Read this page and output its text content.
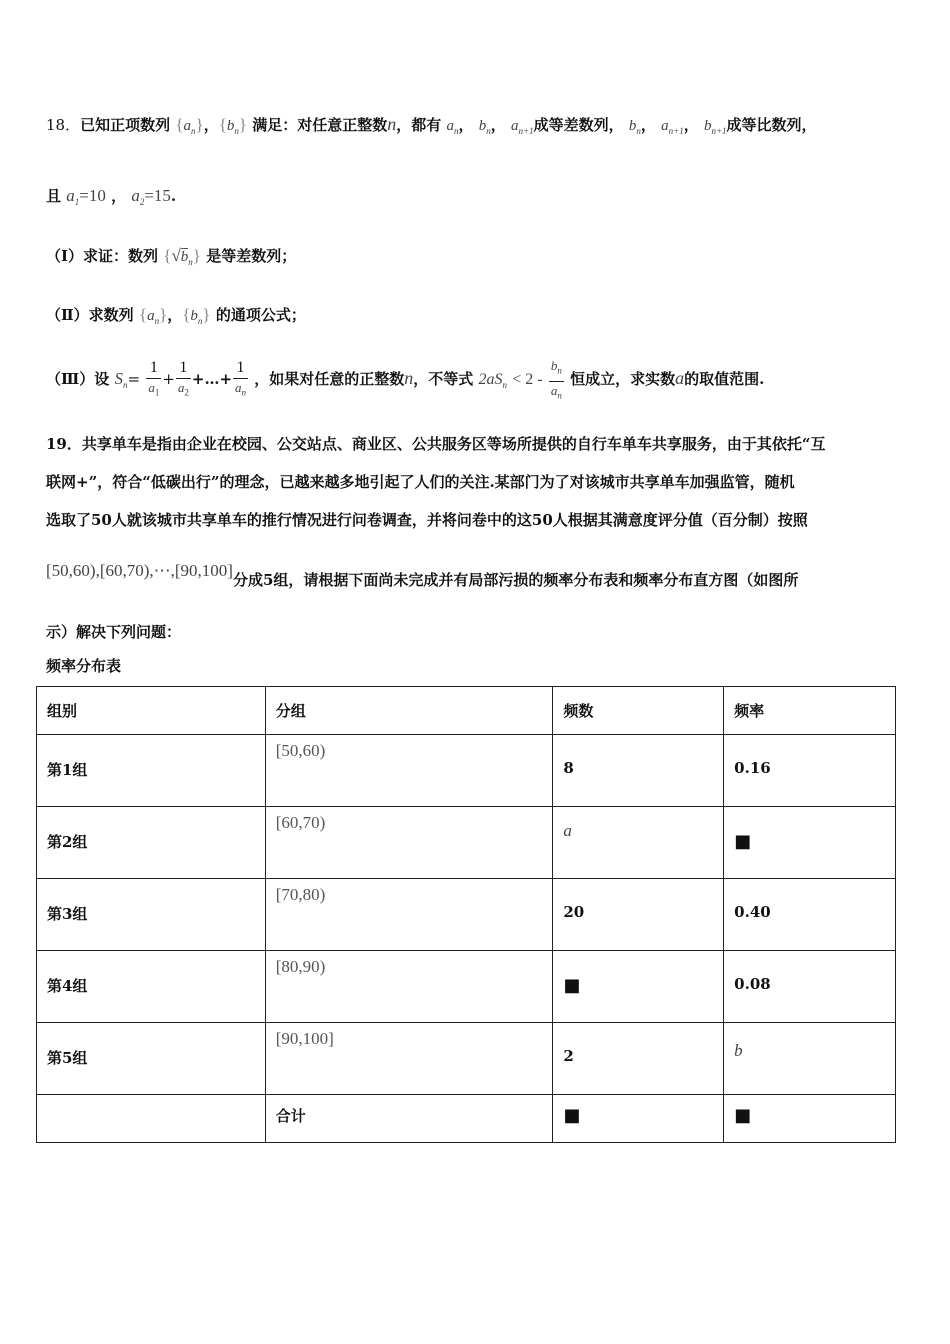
18．已知正项数列 $\{a_n\}$，$\{b_n\}$ 满足：对任意正整数n，都有 $a_n$， $b_n$， $a_{n+1}$成等差数列， $b_n$， $a_{n+1}$， $b_{n+1}$成等比数列，
且 $a_1=10$ ， $a_2=15$.
（Ⅰ）求证：数列 $\{√b_n\}$ 是等差数列；
（Ⅱ）求数列 $\{a_n\}$，$\{b_n\}$ 的通项公式；
（Ⅲ）设 $S_n= \frac{1}{a_1} + \frac{1}{a_2}$ +…+ $\frac{1}{a_n}$ ，如果对任意的正整数n，不等式 $2aS_n < 2 - \frac{b_n}{a_n}$ 恒成立，求实数a的取值范围.
19．共享单车是指由企业在校园、公交站点、商业区、公共服务区等场所提供的自行车单车共享服务，由于其依托“互
联网+”，符合“低碳出行”的理念，已越来越多地引起了人们的关注.某部门为了对该城市共享单车加强监管，随机
选取了50人就该城市共享单车的推行情况进行问卷调查，并将问卷中的这50人根据其满意度评分值（百分制）按照
[50,60),[60,70),⋯,[90,100]分成5组，请根据下面尚未完成并有局部污损的频率分布表和频率分布直方图（如图所
示）解决下列问题：
频率分布表
组别	分组	频数	频率

第1组	[50,60)	8	0.16

第2组	[60,70)	a	■

第3组	[70,80)	20	0.40

第4组	[80,90)	■	0.08

第5组	[90,100]	2	b

	合计	■	■
